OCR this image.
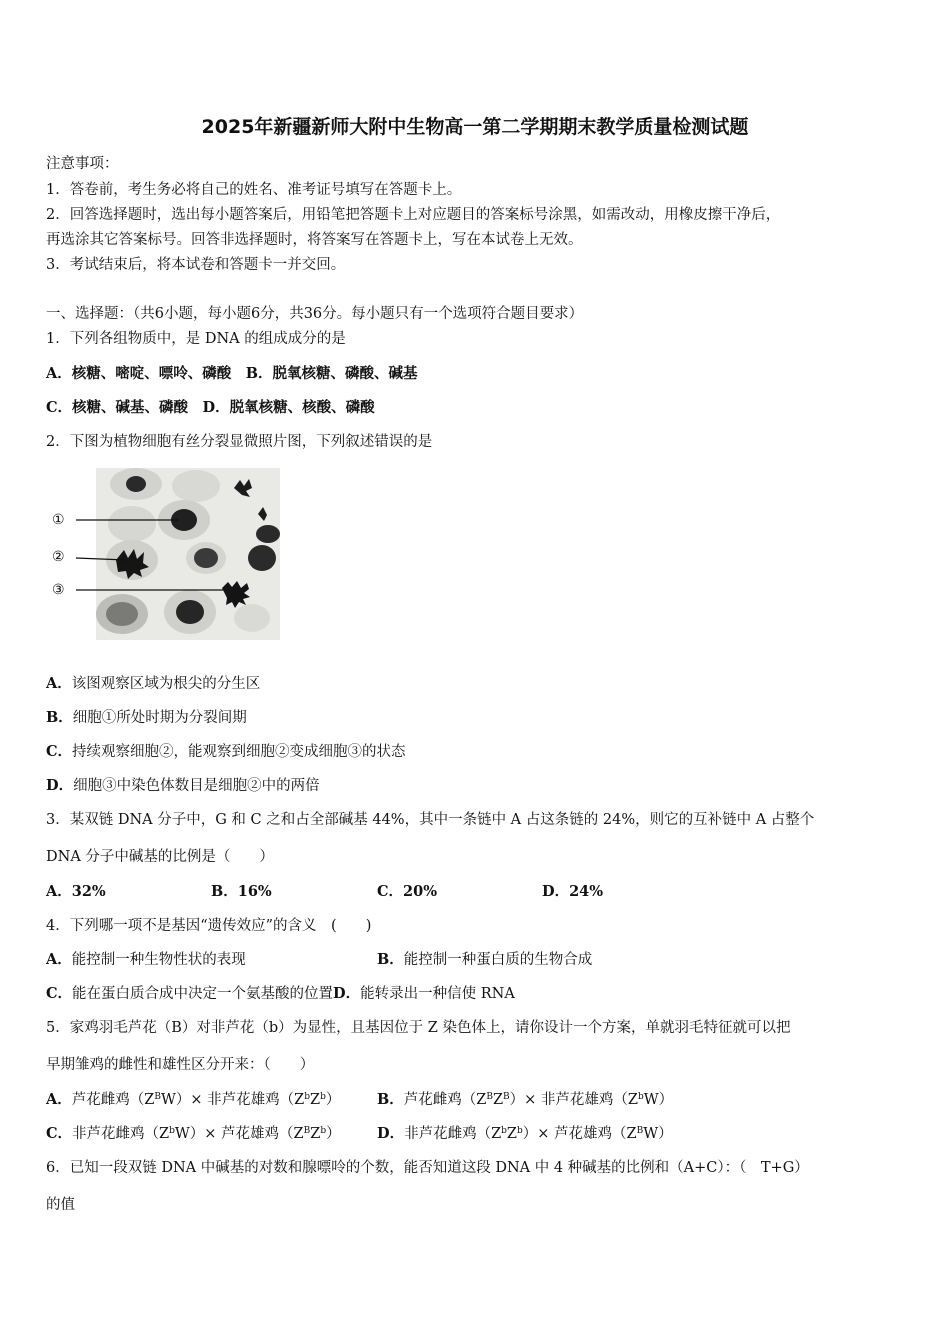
2025年新疆新师大附中生物高一第二学期期末教学质量检测试题
注意事项：
1．答卷前，考生务必将自己的姓名、准考证号填写在答题卡上。
2．回答选择题时，选出每小题答案后，用铅笔把答题卡上对应题目的答案标号涂黑，如需改动，用橡皮擦干净后，
再选涂其它答案标号。回答非选择题时，将答案写在答题卡上，写在本试卷上无效。
3．考试结束后，将本试卷和答题卡一并交回。
一、选择题：（共6小题，每小题6分，共36分。每小题只有一个选项符合题目要求）
1．下列各组物质中，是 DNA 的组成成分的是
A．核糖、嘧啶、嘌呤、磷酸　B．脱氧核糖、磷酸、碱基
C．核糖、碱基、磷酸　D．脱氧核糖、核酸、磷酸
2．下图为植物细胞有丝分裂显微照片图，下列叙述错误的是
①
②
③
A．该图观察区域为根尖的分生区
B．细胞①所处时期为分裂间期
C．持续观察细胞②，能观察到细胞②变成细胞③的状态
D．细胞③中染色体数目是细胞②中的两倍
3．某双链 DNA 分子中，G 和 C 之和占全部碱基 44%，其中一条链中 A 占这条链的 24%，则它的互补链中 A 占整个
DNA 分子中碱基的比例是（　　）
A．32%	B．16%	C．20%	D．24%
4．下列哪一项不是基因“遗传效应”的含义　(　　)
A．能控制一种生物性状的表现	B．能控制一种蛋白质的生物合成
C．能在蛋白质合成中决定一个氨基酸的位置D．能转录出一种信使 RNA
5．家鸡羽毛芦花（B）对非芦花（b）为显性，且基因位于 Z 染色体上，请你设计一个方案，单就羽毛特征就可以把
早期雏鸡的雌性和雄性区分开来：（　　）
A．芦花雌鸡$(Z^BW)\times$ 非芦花雄鸡$(Z^bZ^b)$	B．芦花雌鸡$(Z^BZ^B)\times$ 非芦花雄鸡$(Z^bW)$
C．非芦花雌鸡$(Z^bW)\times$ 芦花雄鸡$(Z^BZ^b)$	D．非芦花雌鸡$(Z^bZ^b)\times$ 芦花雄鸡$(Z^BW)$
6．已知一段双链 DNA 中碱基的对数和腺嘌呤的个数，能否知道这段 DNA 中 4 种碱基的比例和（A+C）：（　T+G）
的值
